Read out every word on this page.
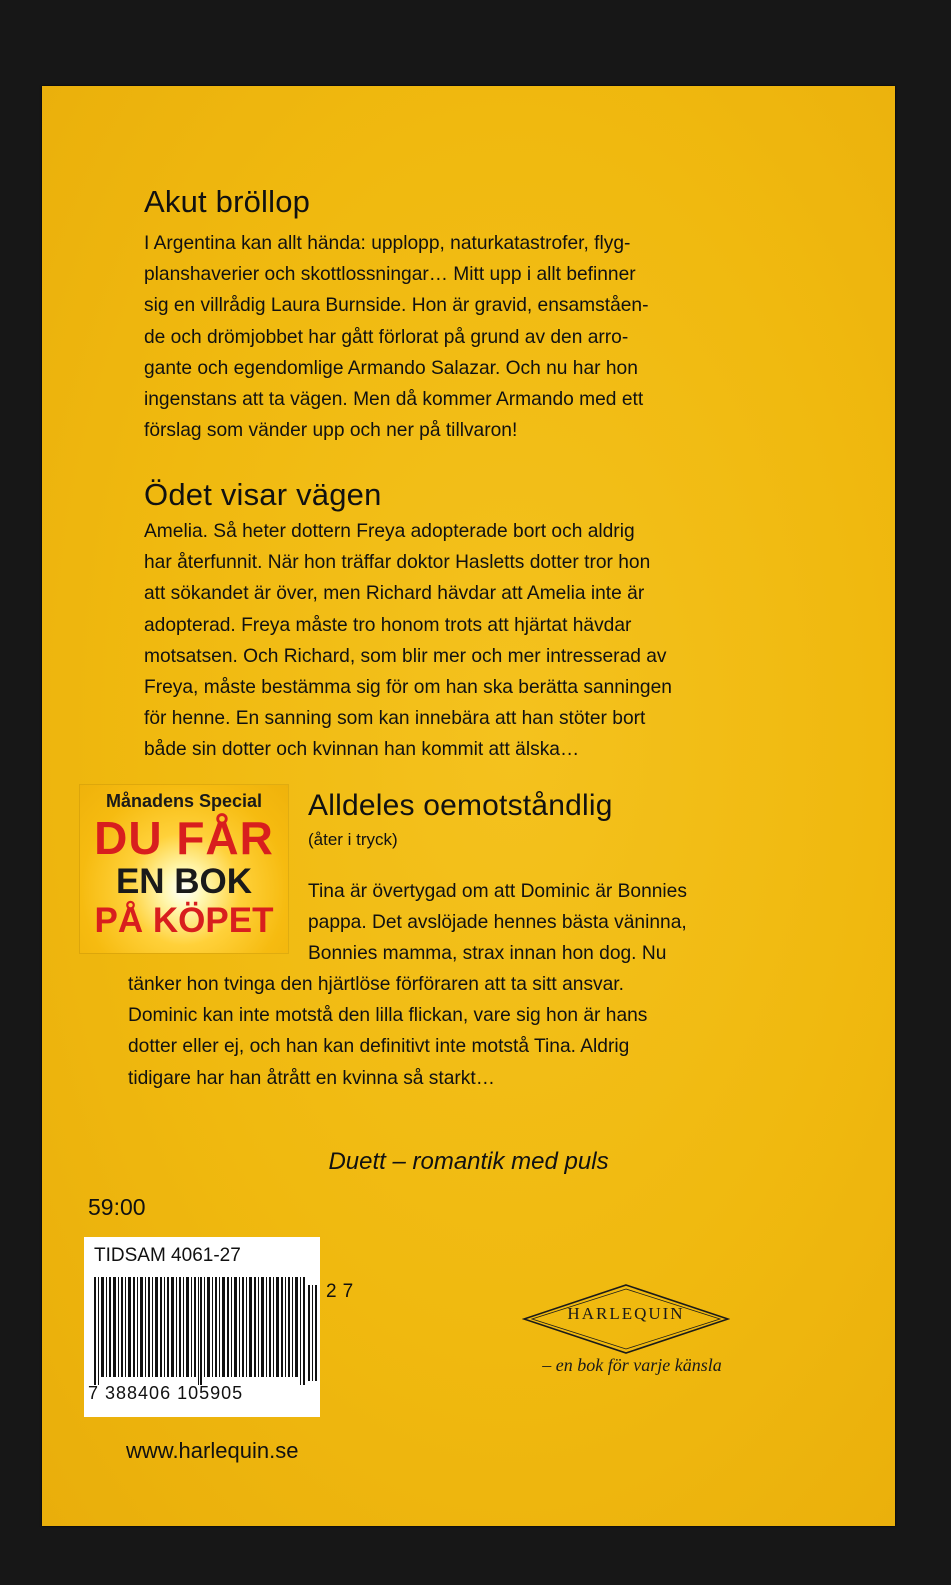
Akut bröllop

I Argentina kan allt hända: upplopp, naturkatastrofer, flyg-

planshaverier och skottlossningar… Mitt upp i allt befinner

sig en villrådig Laura Burnside. Hon är gravid, ensamståen-

de och drömjobbet har gått förlorat på grund av den arro-

gante och egendomlige Armando Salazar. Och nu har hon

ingenstans att ta vägen. Men då kommer Armando med ett

förslag som vänder upp och ner på tillvaron!

Ödet visar vägen

Amelia. Så heter dottern Freya adopterade bort och aldrig

har återfunnit. När hon träffar doktor Hasletts dotter tror hon

att sökandet är över, men Richard hävdar att Amelia inte är

adopterad. Freya måste tro honom trots att hjärtat hävdar

motsatsen. Och Richard, som blir mer och mer intresserad av

Freya, måste bestämma sig för om han ska berätta sanningen

för henne. En sanning som kan innebära att han stöter bort

både sin dotter och kvinnan han kommit att älska…

Månadens Special
DU FÅR
EN BOK
PÅ KÖPET
Alldeles oemotståndlig
(åter i tryck)

Tina är övertygad om att Dominic är Bonnies

pappa. Det avslöjade hennes bästa väninna,

Bonnies mamma, strax innan hon dog. Nu

tänker hon tvinga den hjärtlöse förföraren att ta sitt ansvar.

Dominic kan inte motstå den lilla flickan, vare sig hon är hans

dotter eller ej, och han kan definitivt inte motstå Tina. Aldrig

tidigare har han åtrått en kvinna så starkt…

Duett – romantik med puls
59:00
TIDSAM 4061-27
27
7 388406 105905
HARLEQUIN
– en bok för varje känsla
www.harlequin.se
